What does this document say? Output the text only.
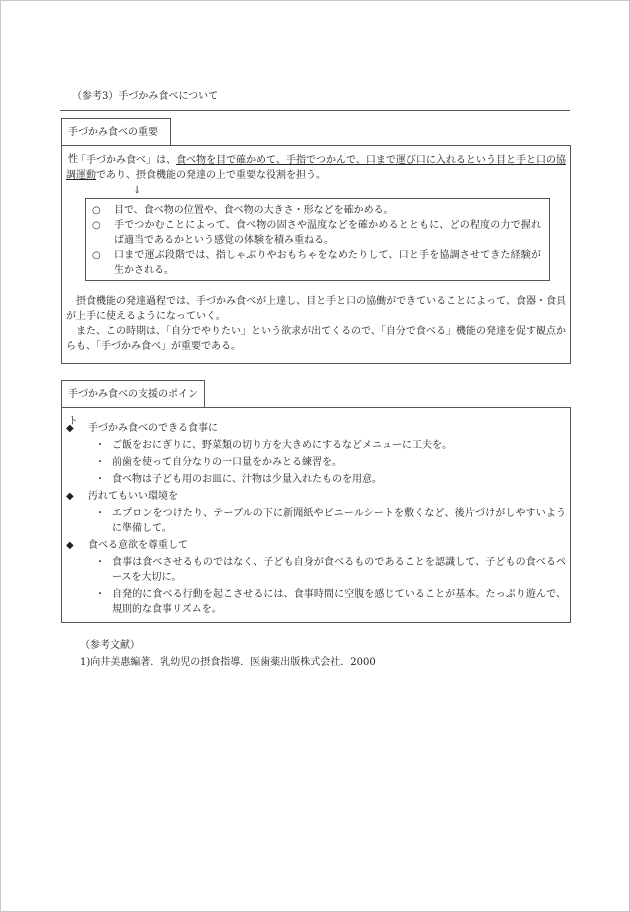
（参考3）手づかみ食べについて
手づかみ食べの重要性
「手づかみ食べ」は、食べ物を目で確かめて、手指でつかんで、口まで運び口に入れるという目と手と口の協調運動であり、摂食機能の発達の上で重要な役割を担う。
↓
○	目で、食べ物の位置や、食べ物の大きさ・形などを確かめる。
○	手でつかむことによって、食べ物の固さや温度などを確かめるとともに、どの程度の力で握れば適当であるかという感覚の体験を積み重ねる。
○	口まで運ぶ段階では、指しゃぶりやおもちゃをなめたりして、口と手を協調させてきた経験が生かされる。
摂食機能の発達過程では、手づかみ食べが上達し、目と手と口の協働ができていることによって、食器・食具が上手に使えるようになっていく。
また、この時期は、「自分でやりたい」という欲求が出てくるので、「自分で食べる」機能の発達を促す観点からも、「手づかみ食べ」が重要である。
手づかみ食べの支援のポイント
◆	手づかみ食べのできる食事に
・ ご飯をおにぎりに、野菜類の切り方を大きめにするなどメニューに工夫を。
・ 前歯を使って自分なりの一口量をかみとる練習を。
・ 食べ物は子ども用のお皿に、汁物は少量入れたものを用意。
◆	汚れてもいい環境を
・ エプロンをつけたり、テーブルの下に新聞紙やビニールシートを敷くなど、後片づけがしやすいように準備して。
◆	食べる意欲を尊重して
・ 食事は食べさせるものではなく、子ども自身が食べるものであることを認識して、子どもの食べるペースを大切に。
・ 自発的に食べる行動を起こさせるには、食事時間に空腹を感じていることが基本。たっぷり遊んで、規則的な食事リズムを。
（参考文献）
1)向井美惠編著．乳幼児の摂食指導．医歯薬出版株式会社．2000
